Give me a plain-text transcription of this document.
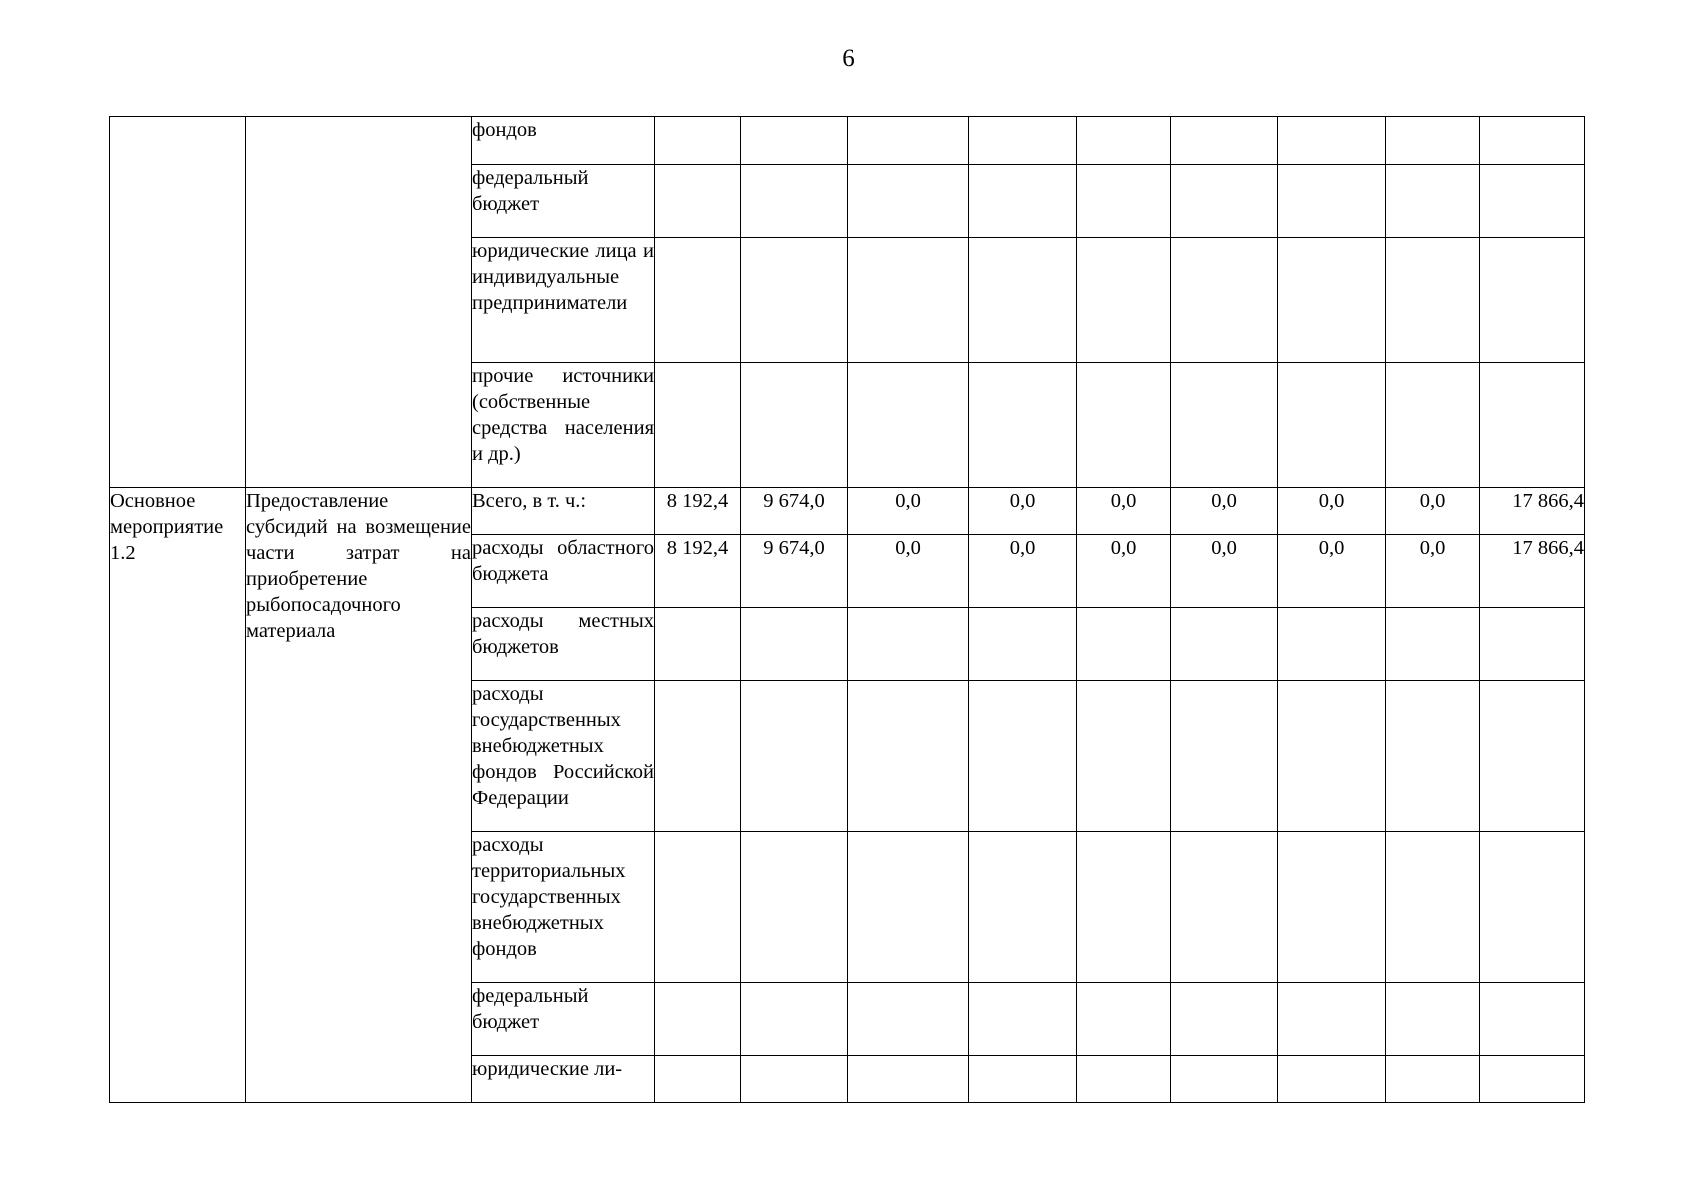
6

		фондов									

		федеральный бюджет									

		юридические лица и индивидуальные предприниматели									

		прочие источники (собственные средства населения и др.)									

Основное мероприятие 1.2	Предоставление субсидий на возмещение части затрат на приобретение рыбопосадочного материала	Всего, в т. ч.:	8 192,4	9 674,0	0,0	0,0	0,0	0,0	0,0	0,0	17 866,4

		расходы областного бюджета	8 192,4	9 674,0	0,0	0,0	0,0	0,0	0,0	0,0	17 866,4

		расходы местных бюджетов									

		расходы государственных внебюджетных фондов Российской Федерации									

		расходы территориальных государственных внебюджетных фондов									

		федеральный бюджет									

		юридические ли-									
